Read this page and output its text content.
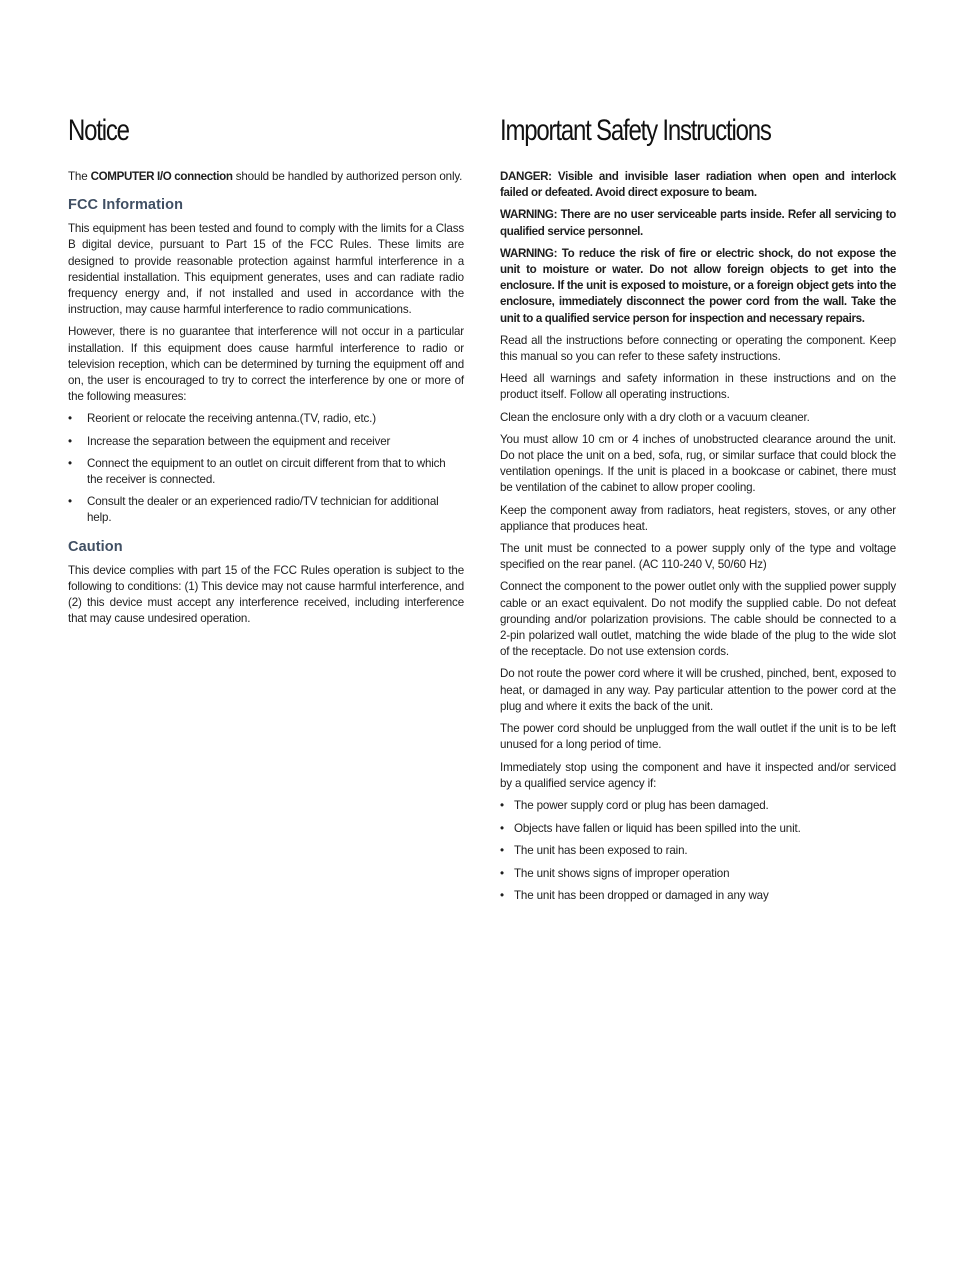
Notice

The COMPUTER I/O connection should be handled by authorized person only.

FCC Information

This equipment has been tested and found to comply with the limits for a Class B digital device, pursuant to Part 15 of the FCC Rules. These limits are designed to provide reasonable protection against harmful interference in a residential installation. This equipment generates, uses and can radiate radio frequency energy and, if not installed and used in accordance with the instruction, may cause harmful interference to radio communications.

However, there is no guarantee that interference will not occur in a particular installation. If this equipment does cause harmful interference to radio or television reception, which can be determined by turning the equipment off and on, the user is encouraged to try to correct the interference by one or more of the following measures:

• Reorient or relocate the receiving antenna.(TV, radio, etc.)
• Increase the separation between the equipment and receiver
• Connect the equipment to an outlet on circuit different from that to which the receiver is connected.
• Consult the dealer or an experienced radio/TV technician for additional help.
Caution

This device complies with part 15 of the FCC Rules operation is subject to the following to conditions: (1) This device may not cause harmful interference, and (2) this device must accept any interference received, including interference that may cause undesired operation.

Important Safety Instructions

DANGER: Visible and invisible laser radiation when open and interlock failed or defeated. Avoid direct exposure to beam.

WARNING: There are no user serviceable parts inside. Refer all servicing to qualified service personnel.

WARNING: To reduce the risk of fire or electric shock, do not expose the unit to moisture or water. Do not allow foreign objects to get into the enclosure. If the unit is exposed to moisture, or a foreign object gets into the enclosure, immediately disconnect the power cord from the wall. Take the unit to a qualified service person for inspection and necessary repairs.

Read all the instructions before connecting or operating the component. Keep this manual so you can refer to these safety instructions.

Heed all warnings and safety information in these instructions and on the product itself. Follow all operating instructions.

Clean the enclosure only with a dry cloth or a vacuum cleaner.

You must allow 10 cm or 4 inches of unobstructed clearance around the unit. Do not place the unit on a bed, sofa, rug, or similar surface that could block the ventilation openings. If the unit is placed in a bookcase or cabinet, there must be ventilation of the cabinet to allow proper cooling.

Keep the component away from radiators, heat registers, stoves, or any other appliance that produces heat.

The unit must be connected to a power supply only of the type and voltage specified on the rear panel. (AC 110-240 V, 50/60 Hz)

Connect the component to the power outlet only with the supplied power supply cable or an exact equivalent. Do not modify the supplied cable. Do not defeat grounding and/or polarization provisions. The cable should be connected to a 2-pin polarized wall outlet, matching the wide blade of the plug to the wide slot of the receptacle. Do not use extension cords.

Do not route the power cord where it will be crushed, pinched, bent, exposed to heat, or damaged in any way. Pay particular attention to the power cord at the plug and where it exits the back of the unit.

The power cord should be unplugged from the wall outlet if the unit is to be left unused for a long period of time.

Immediately stop using the component and have it inspected and/or serviced by a qualified service agency if:

• The power supply cord or plug has been damaged.
• Objects have fallen or liquid has been spilled into the unit.
• The unit has been exposed to rain.
• The unit shows signs of improper operation
• The unit has been dropped or damaged in any way
